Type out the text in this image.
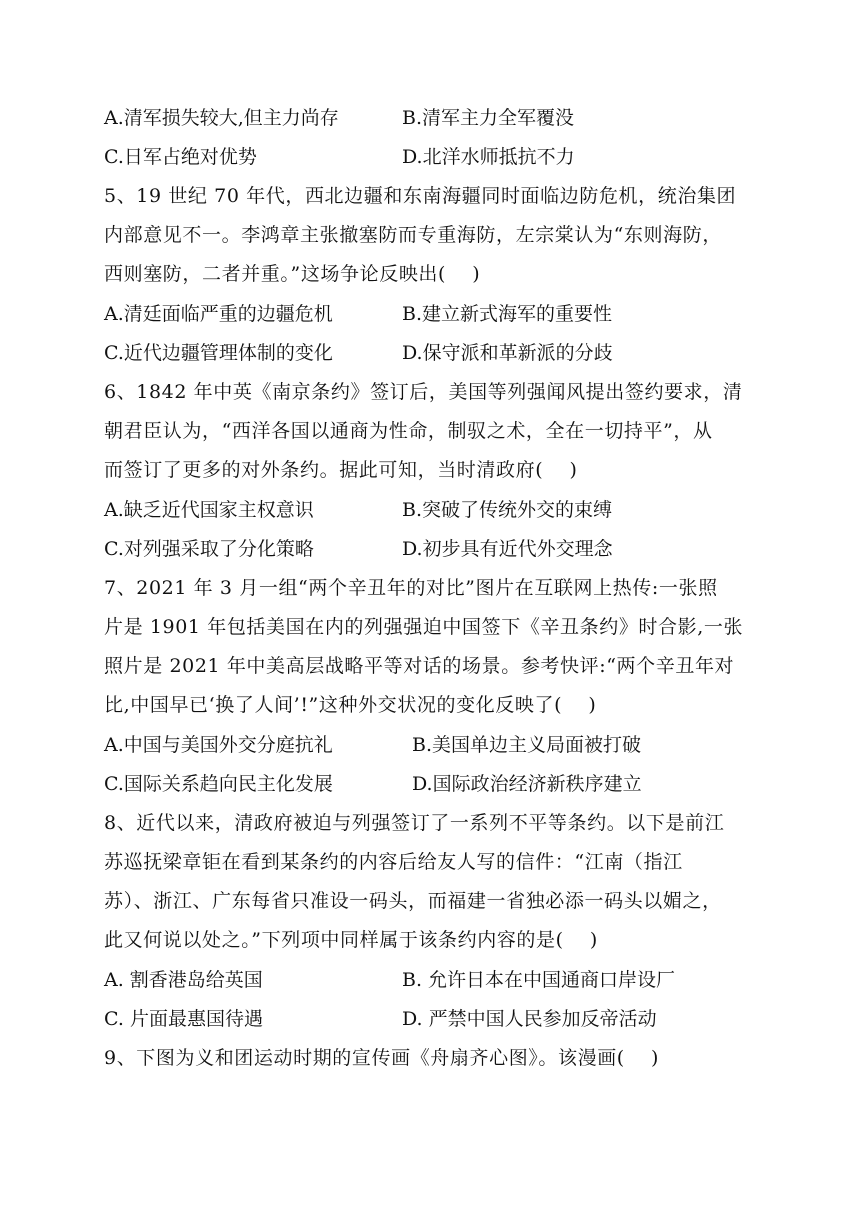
A.清军损失较大,但主力尚存	B.清军主力全军覆没
C.日军占绝对优势	D.北洋水师抵抗不力
5、19 世纪 70 年代，西北边疆和东南海疆同时面临边防危机，统治集团
内部意见不一。李鸿章主张撤塞防而专重海防，左宗棠认为“东则海防，
西则塞防，二者并重。”这场争论反映出(　 )
A.清廷面临严重的边疆危机	B.建立新式海军的重要性
C.近代边疆管理体制的变化	D.保守派和革新派的分歧
6、1842 年中英《南京条约》签订后，美国等列强闻风提出签约要求，清
朝君臣认为，“西洋各国以通商为性命，制驭之术，全在一切持平”，从
而签订了更多的对外条约。据此可知，当时清政府(　 )
A.缺乏近代国家主权意识	B.突破了传统外交的束缚
C.对列强采取了分化策略	D.初步具有近代外交理念
7、2021 年 3 月一组“两个辛丑年的对比”图片在互联网上热传:一张照
片是 1901 年包括美国在内的列强强迫中国签下《辛丑条约》时合影,一张
照片是 2021 年中美高层战略平等对话的场景。参考快评:“两个辛丑年对
比,中国早已‘换了人间’!”这种外交状况的变化反映了(　 )
A.中国与美国外交分庭抗礼	B.美国单边主义局面被打破
C.国际关系趋向民主化发展	D.国际政治经济新秩序建立
8、近代以来，清政府被迫与列强签订了一系列不平等条约。以下是前江
苏巡抚梁章钜在看到某条约的内容后给友人写的信件：“江南（指江
苏）、浙江、广东每省只准设一码头，而福建一省独必添一码头以媚之，
此又何说以处之。”下列项中同样属于该条约内容的是(　 )
A. 割香港岛给英国	B. 允许日本在中国通商口岸设厂
C. 片面最惠国待遇	D. 严禁中国人民参加反帝活动
9、下图为义和团运动时期的宣传画《舟扇齐心图》。该漫画(　 )
